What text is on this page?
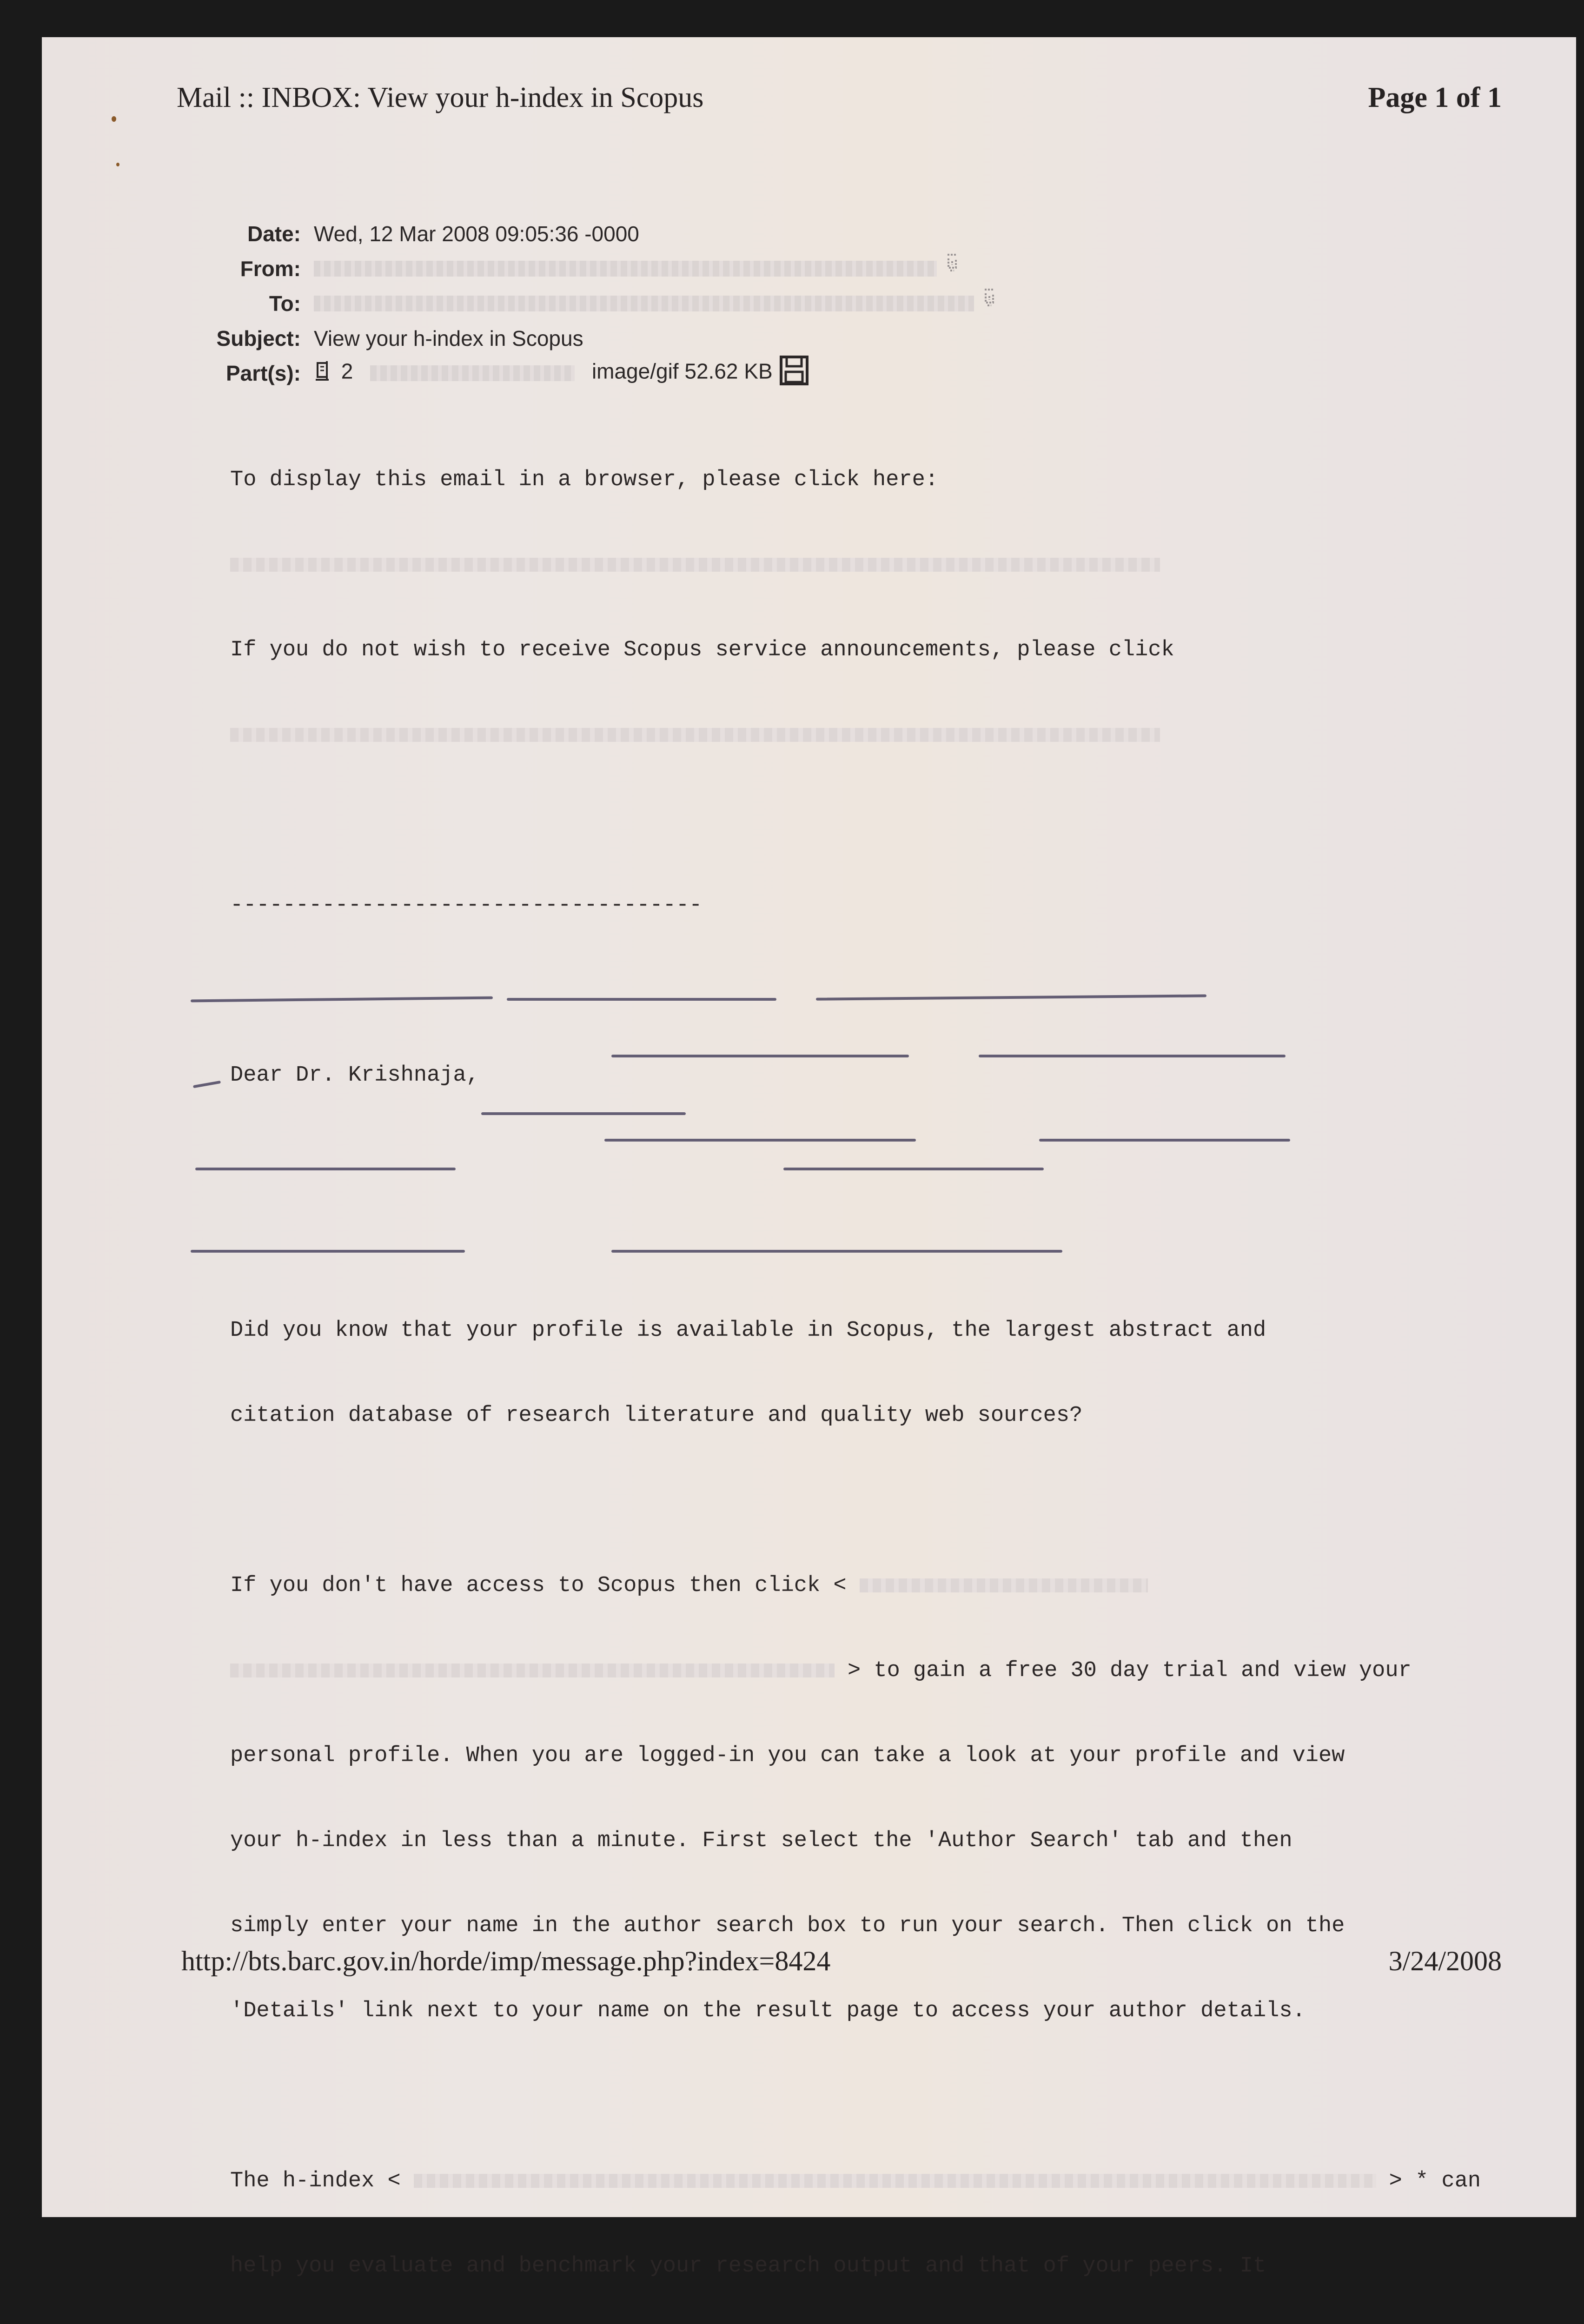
Mail :: INBOX: View your h-index in Scopus	Page 1 of 1
Date: Wed, 12 Mar 2008 09:05:36 -0000
From:

To:

Subject: View your h-index in Scopus
Part(s):	2	image/gif 52.62 KB

To display this email in a browser, please click here:

If you do not wish to receive Scopus service announcements, please click

------------------------------------

Dear Dr. Krishnaja,

Did you know that your profile is available in Scopus, the largest abstract and

citation database of research literature and quality web sources?

If you don't have access to Scopus then click <

> to gain a free 30 day trial and view your

personal profile. When you are logged-in you can take a look at your profile and view

your h-index in less than a minute. First select the 'Author Search' tab and then

simply enter your name in the author search box to run your search. Then click on the

'Details' link next to your name on the result page to access your author details.

The h-index <	> * can

help you evaluate and benchmark your research output and that of your peers. It

http://bts.barc.gov.in/horde/imp/message.php?index=8424	3/24/2008
